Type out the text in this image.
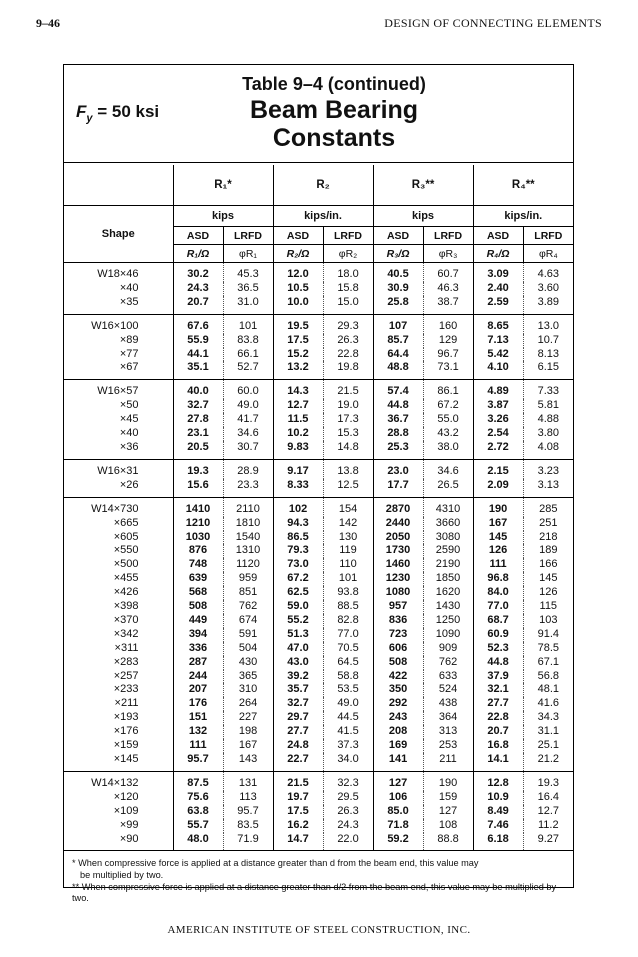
9–46	DESIGN OF CONNECTING ELEMENTS
$F_y = 50$ ksi
Table 9–4 (continued)
Beam Bearing
Constants
	R₁*		R₂		R₃**		R₄**	
Shape	kips		kips/in.		kips		kips/in.	
	ASD	LRFD	ASD	LRFD	ASD	LRFD	ASD	LRFD
	R₁/Ω	φR₁	R₂/Ω	φR₂	R₃/Ω	φR₃	R₄/Ω	φR₄
W18×46	30.2	45.3	12.0	18.0	40.5	60.7	3.09	4.63
×40	24.3	36.5	10.5	15.8	30.9	46.3	2.40	3.60
×35	20.7	31.0	10.0	15.0	25.8	38.7	2.59	3.89
W16×100	67.6	101	19.5	29.3	107	160	8.65	13.0
×89	55.9	83.8	17.5	26.3	85.7	129	7.13	10.7
×77	44.1	66.1	15.2	22.8	64.4	96.7	5.42	8.13
×67	35.1	52.7	13.2	19.8	48.8	73.1	4.10	6.15
W16×57	40.0	60.0	14.3	21.5	57.4	86.1	4.89	7.33
×50	32.7	49.0	12.7	19.0	44.8	67.2	3.87	5.81
×45	27.8	41.7	11.5	17.3	36.7	55.0	3.26	4.88
×40	23.1	34.6	10.2	15.3	28.8	43.2	2.54	3.80
×36	20.5	30.7	9.83	14.8	25.3	38.0	2.72	4.08
W16×31	19.3	28.9	9.17	13.8	23.0	34.6	2.15	3.23
×26	15.6	23.3	8.33	12.5	17.7	26.5	2.09	3.13
W14×730	1410	2110	102	154	2870	4310	190	285
×665	1210	1810	94.3	142	2440	3660	167	251
×605	1030	1540	86.5	130	2050	3080	145	218
×550	876	1310	79.3	119	1730	2590	126	189
×500	748	1120	73.0	110	1460	2190	111	166
×455	639	959	67.2	101	1230	1850	96.8	145
×426	568	851	62.5	93.8	1080	1620	84.0	126
×398	508	762	59.0	88.5	957	1430	77.0	115
×370	449	674	55.2	82.8	836	1250	68.7	103
×342	394	591	51.3	77.0	723	1090	60.9	91.4
×311	336	504	47.0	70.5	606	909	52.3	78.5
×283	287	430	43.0	64.5	508	762	44.8	67.1
×257	244	365	39.2	58.8	422	633	37.9	56.8
×233	207	310	35.7	53.5	350	524	32.1	48.1
×211	176	264	32.7	49.0	292	438	27.7	41.6
×193	151	227	29.7	44.5	243	364	22.8	34.3
×176	132	198	27.7	41.5	208	313	20.7	31.1
×159	111	167	24.8	37.3	169	253	16.8	25.1
×145	95.7	143	22.7	34.0	141	211	14.1	21.2
W14×132	87.5	131	21.5	32.3	127	190	12.8	19.3
×120	75.6	113	19.7	29.5	106	159	10.9	16.4
×109	63.8	95.7	17.5	26.3	85.0	127	8.49	12.7
×99	55.7	83.5	16.2	24.3	71.8	108	7.46	11.2
×90	48.0	71.9	14.7	22.0	59.2	88.8	6.18	9.27
* When compressive force is applied at a distance greater than d from the beam end, this value may
be multiplied by two.
** When compressive force is applied at a distance greater than d/2 from the beam end, this value may be multiplied by two.
AMERICAN INSTITUTE OF STEEL CONSTRUCTION, INC.
